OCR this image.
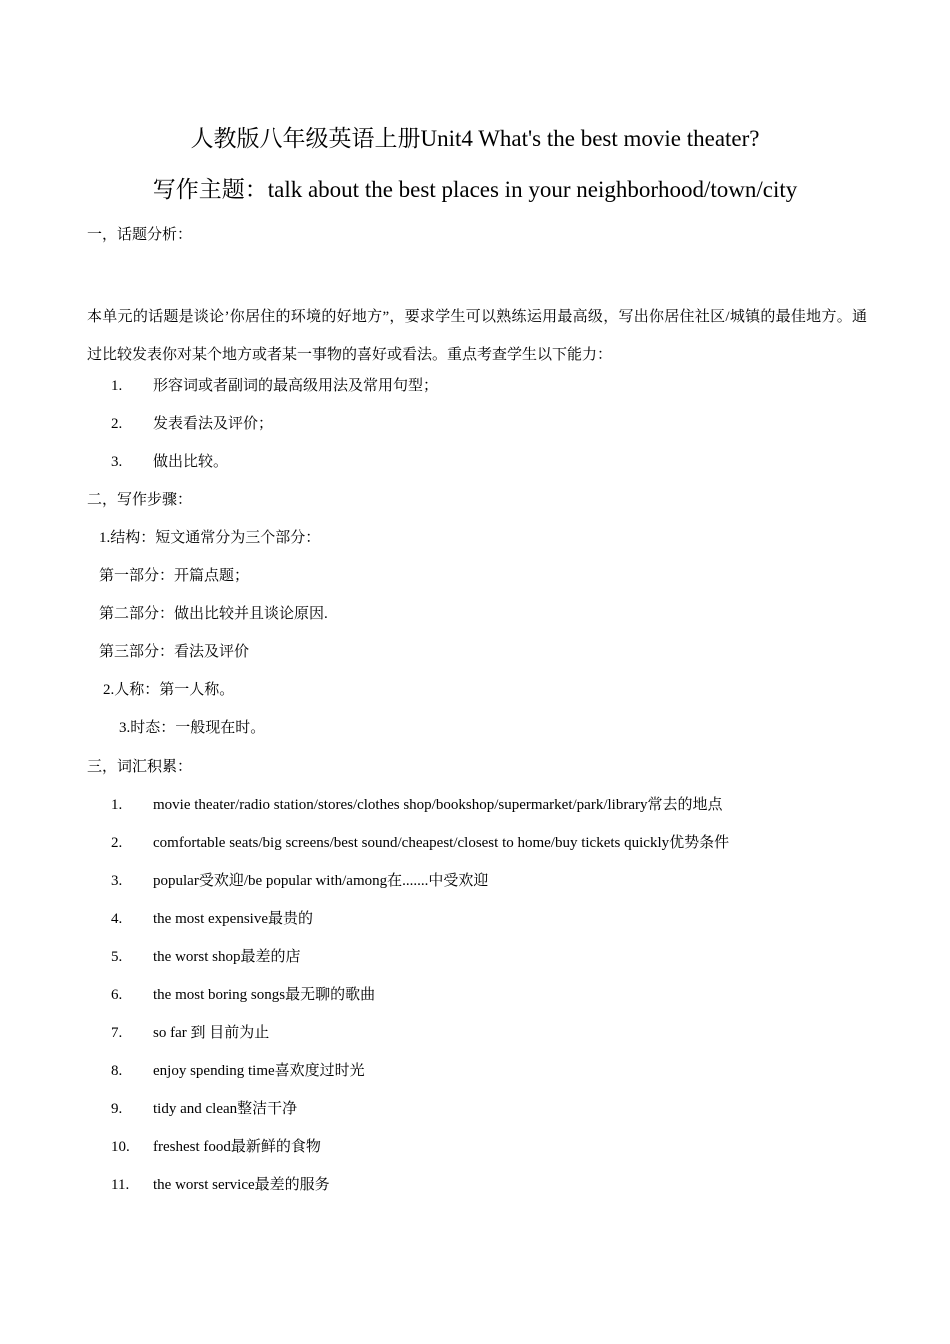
人教版八年级英语上册Unit4 What's the best movie theater?
写作主题：talk about the best places in your neighborhood/town/city
一，话题分析：
本单元的话题是谈论’你居住的环境的好地方”，要求学生可以熟练运用最高级，写出你居住社区/城镇的最佳地方。通过比较发表你对某个地方或者某一事物的喜好或看法。重点考查学生以下能力：
1. 形容词或者副词的最高级用法及常用句型；
2. 发表看法及评价；
3. 做出比较。
二，写作步骤：
1.结构：短文通常分为三个部分：
第一部分：开篇点题；
第二部分：做出比较并且谈论原因.
第三部分：看法及评价
2.人称：第一人称。
3.时态：一般现在时。
三，词汇积累：
1. movie theater/radio station/stores/clothes shop/bookshop/supermarket/park/library常去的地点
2. comfortable seats/big screens/best sound/cheapest/closest to home/buy tickets quickly优势条件
3. popular受欢迎/be popular with/among在.......中受欢迎
4. the most expensive最贵的
5. the worst shop最差的店
6. the most boring songs最无聊的歌曲
7. so far 到 目前为止
8. enjoy spending time喜欢度过时光
9. tidy and clean整洁干净
10. freshest food最新鲜的食物
11. the worst service最差的服务
